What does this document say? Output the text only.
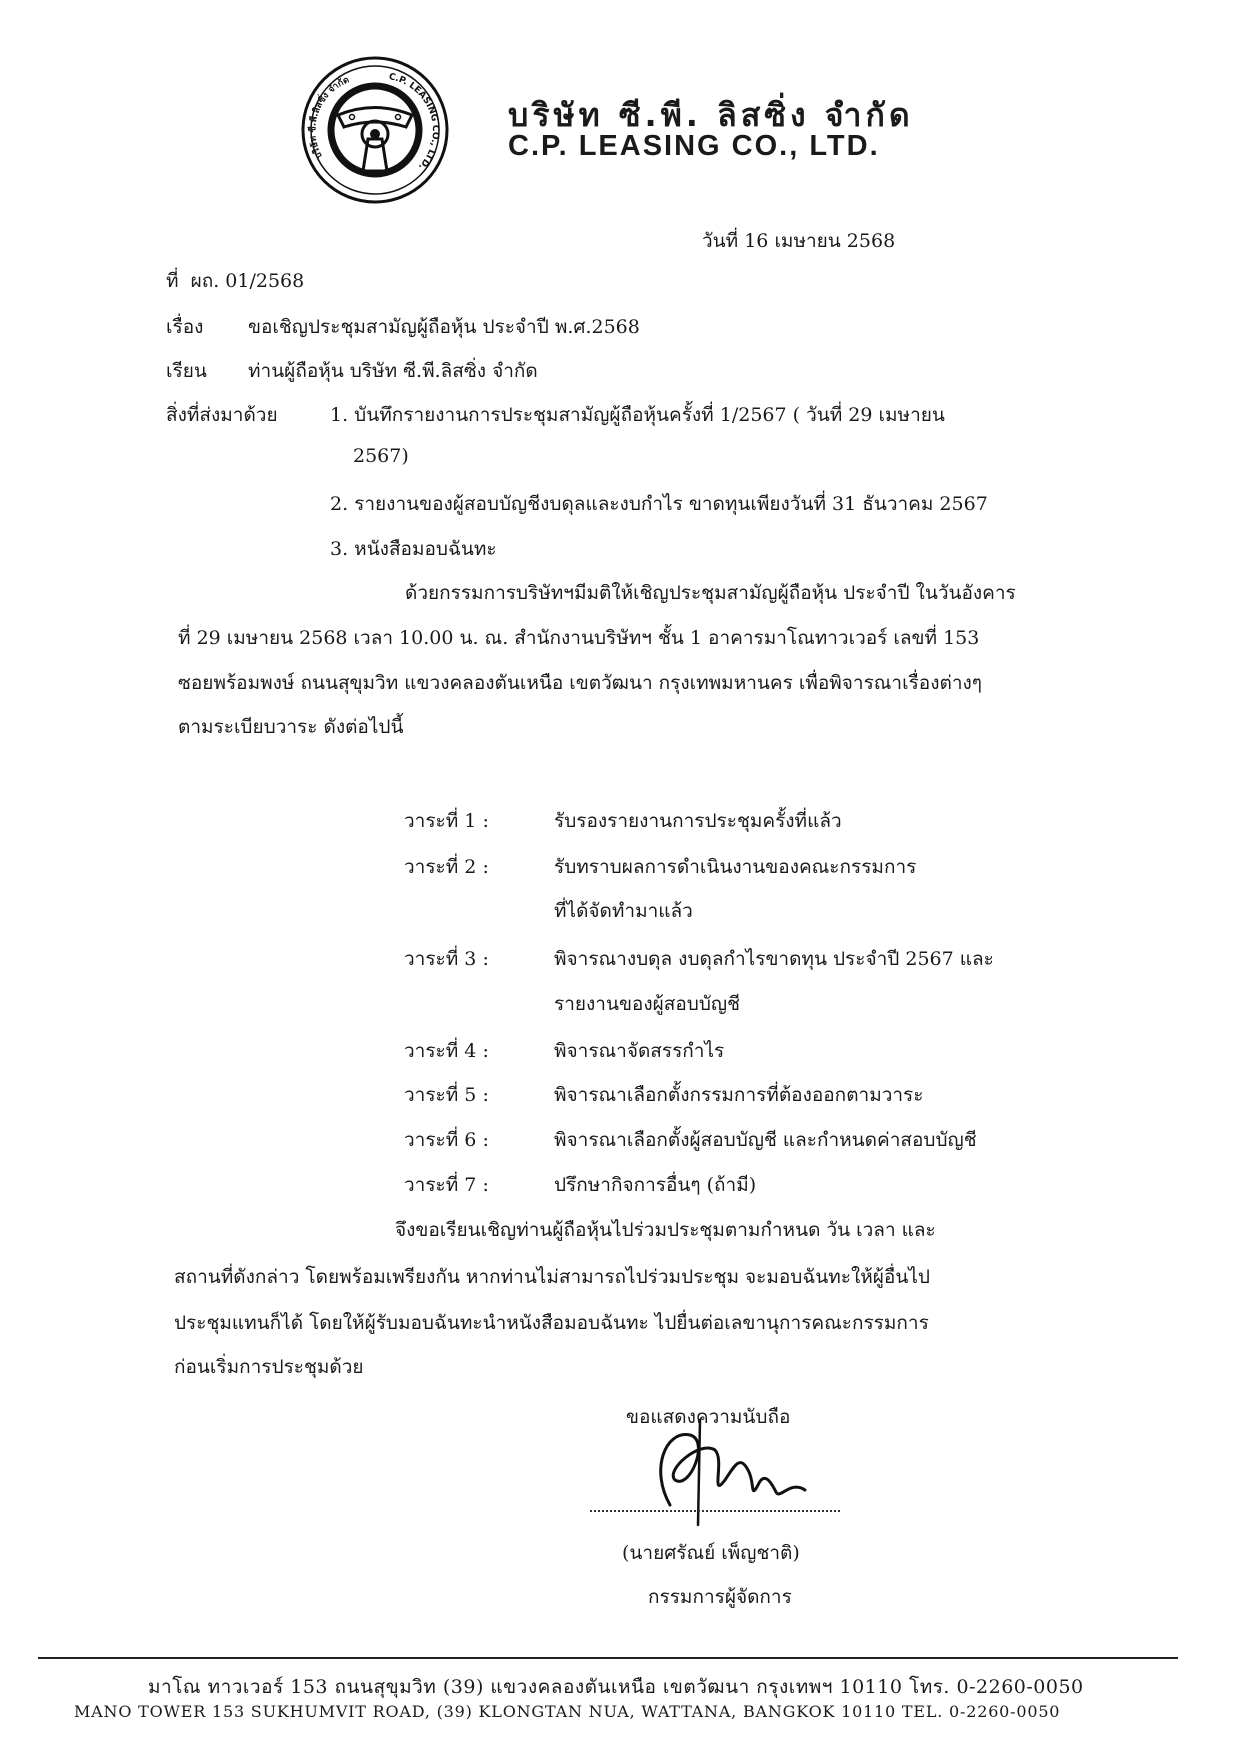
บริษัท ซี.พี.ลิสซิ่ง จำกัด	C.P. LEASING CO., LTD.
บริษัท ซี.พี. ลิสซิ่ง จำกัด
C.P. LEASING CO., LTD.
วันที่ 16 เมษายน 2568
ที่ ผถ. 01/2568
เรื่อง ขอเชิญประชุมสามัญผู้ถือหุ้น ประจำปี พ.ศ.2568
เรียน ท่านผู้ถือหุ้น บริษัท ซี.พี.ลิสซิ่ง จำกัด
สิ่งที่ส่งมาด้วย	1. บันทึกรายงานการประชุมสามัญผู้ถือหุ้นครั้งที่ 1/2567 ( วันที่ 29 เมษายน
2567)
2. รายงานของผู้สอบบัญชีงบดุลและงบกำไร ขาดทุนเพียงวันที่ 31 ธันวาคม 2567
3. หนังสือมอบฉันทะ
ด้วยกรรมการบริษัทฯมีมติให้เชิญประชุมสามัญผู้ถือหุ้น ประจำปี ในวันอังคาร
ที่ 29 เมษายน 2568 เวลา 10.00 น. ณ. สำนักงานบริษัทฯ ชั้น 1 อาคารมาโณทาวเวอร์ เลขที่ 153
ซอยพร้อมพงษ์ ถนนสุขุมวิท แขวงคลองตันเหนือ เขตวัฒนา กรุงเทพมหานคร เพื่อพิจารณาเรื่องต่างๆ
ตามระเบียบวาระ ดังต่อไปนี้
วาระที่ 1 :	รับรองรายงานการประชุมครั้งที่แล้ว
วาระที่ 2 :	รับทราบผลการดำเนินงานของคณะกรรมการ
ที่ได้จัดทำมาแล้ว
วาระที่ 3 :	พิจารณางบดุล งบดุลกำไรขาดทุน ประจำปี 2567 และ
รายงานของผู้สอบบัญชี
วาระที่ 4 :	พิจารณาจัดสรรกำไร
วาระที่ 5 :	พิจารณาเลือกตั้งกรรมการที่ต้องออกตามวาระ
วาระที่ 6 :	พิจารณาเลือกตั้งผู้สอบบัญชี และกำหนดค่าสอบบัญชี
วาระที่ 7 :	ปรึกษากิจการอื่นๆ (ถ้ามี)
จึงขอเรียนเชิญท่านผู้ถือหุ้นไปร่วมประชุมตามกำหนด วัน เวลา และ
สถานที่ดังกล่าว โดยพร้อมเพรียงกัน หากท่านไม่สามารถไปร่วมประชุม จะมอบฉันทะให้ผู้อื่นไป
ประชุมแทนก็ได้ โดยให้ผู้รับมอบฉันทะนำหนังสือมอบฉันทะ ไปยื่นต่อเลขานุการคณะกรรมการ
ก่อนเริ่มการประชุมด้วย
ขอแสดงความนับถือ
(นายศรัณย์ เพ็ญชาติ)
กรรมการผู้จัดการ
มาโณ ทาวเวอร์ 153 ถนนสุขุมวิท (39) แขวงคลองตันเหนือ เขตวัฒนา กรุงเทพฯ 10110 โทร. 0-2260-0050
MANO TOWER 153 SUKHUMVIT ROAD, (39) KLONGTAN NUA, WATTANA, BANGKOK 10110 TEL. 0-2260-0050
